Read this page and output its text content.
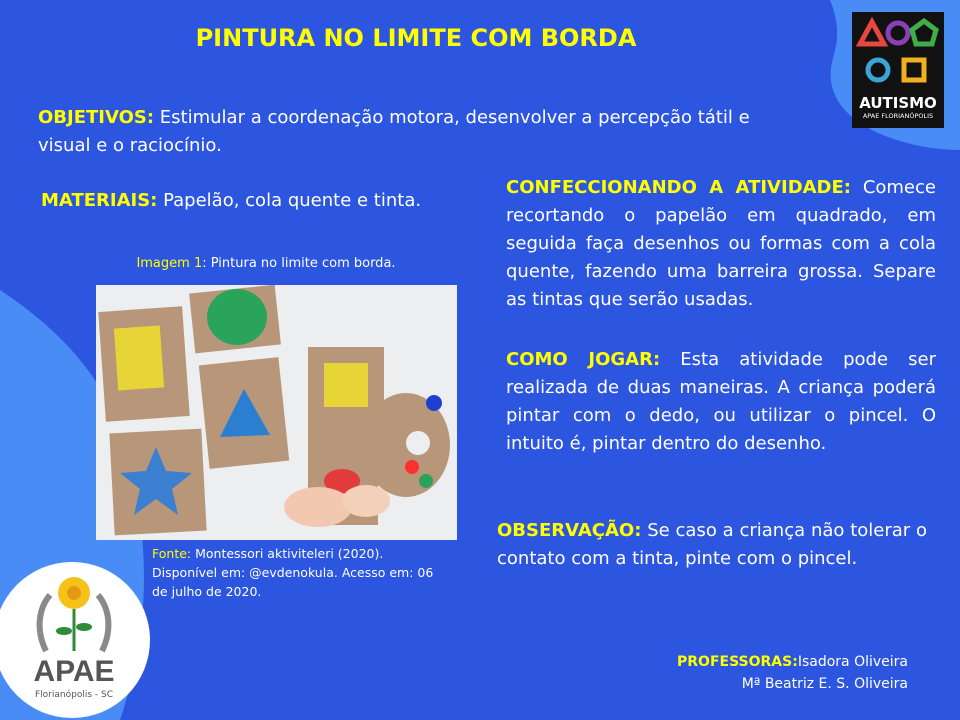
PINTURA NO LIMITE COM BORDA
OBJETIVOS: Estimular a coordenação motora, desenvolver a percepção tátil e visual e o raciocínio.
MATERIAIS: Papelão, cola quente e tinta.
Imagem 1: Pintura no limite com borda.
Fonte: Montessori aktiviteleri (2020). Disponível em: @evdenokula. Acesso em: 06 de julho de 2020.
CONFECCIONANDO A ATIVIDADE: Comece recortando o papelão em quadrado, em seguida faça desenhos ou formas com a cola quente, fazendo uma barreira grossa. Separe as tintas que serão usadas.
COMO JOGAR: Esta atividade pode ser realizada de duas maneiras. A criança poderá pintar com o dedo, ou utilizar o pincel. O intuito é, pintar dentro do desenho.
OBSERVAÇÃO: Se caso a criança não tolerar o contato com a tinta, pinte com o pincel.
PROFESSORAS:Isadora Oliveira
Mª Beatriz E. S. Oliveira
AUTISMO
APAE FLORIANÓPOLIS
APAE
Florianópolis - SC
